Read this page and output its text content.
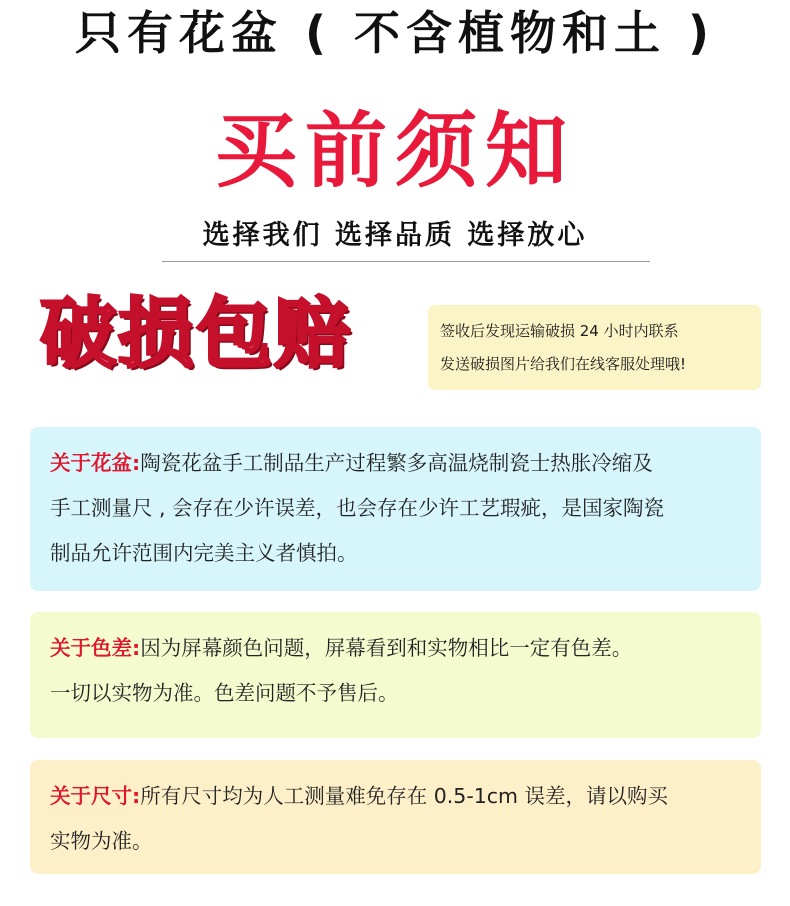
只有花盆 ( 不含植物和土 )
买前须知
选择我们 选择品质 选择放心
破损包赔	签收后发现运输破损 24 小时内联系
发送破损图片给我们在线客服处理哦!
关于花盆:陶瓷花盆手工制品生产过程繁多高温烧制瓷士热胀冷缩及
手工测量尺 , 会存在少许误差，也会存在少许工艺瑕疵，是国家陶瓷
制品允许范围内完美主义者慎拍。
关于色差:因为屏幕颜色问题，屏幕看到和实物相比一定有色差。
一切以实物为准。色差问题不予售后。
关于尺寸:所有尺寸均为人工测量难免存在 0.5-1cm 误差，请以购买
实物为准。
